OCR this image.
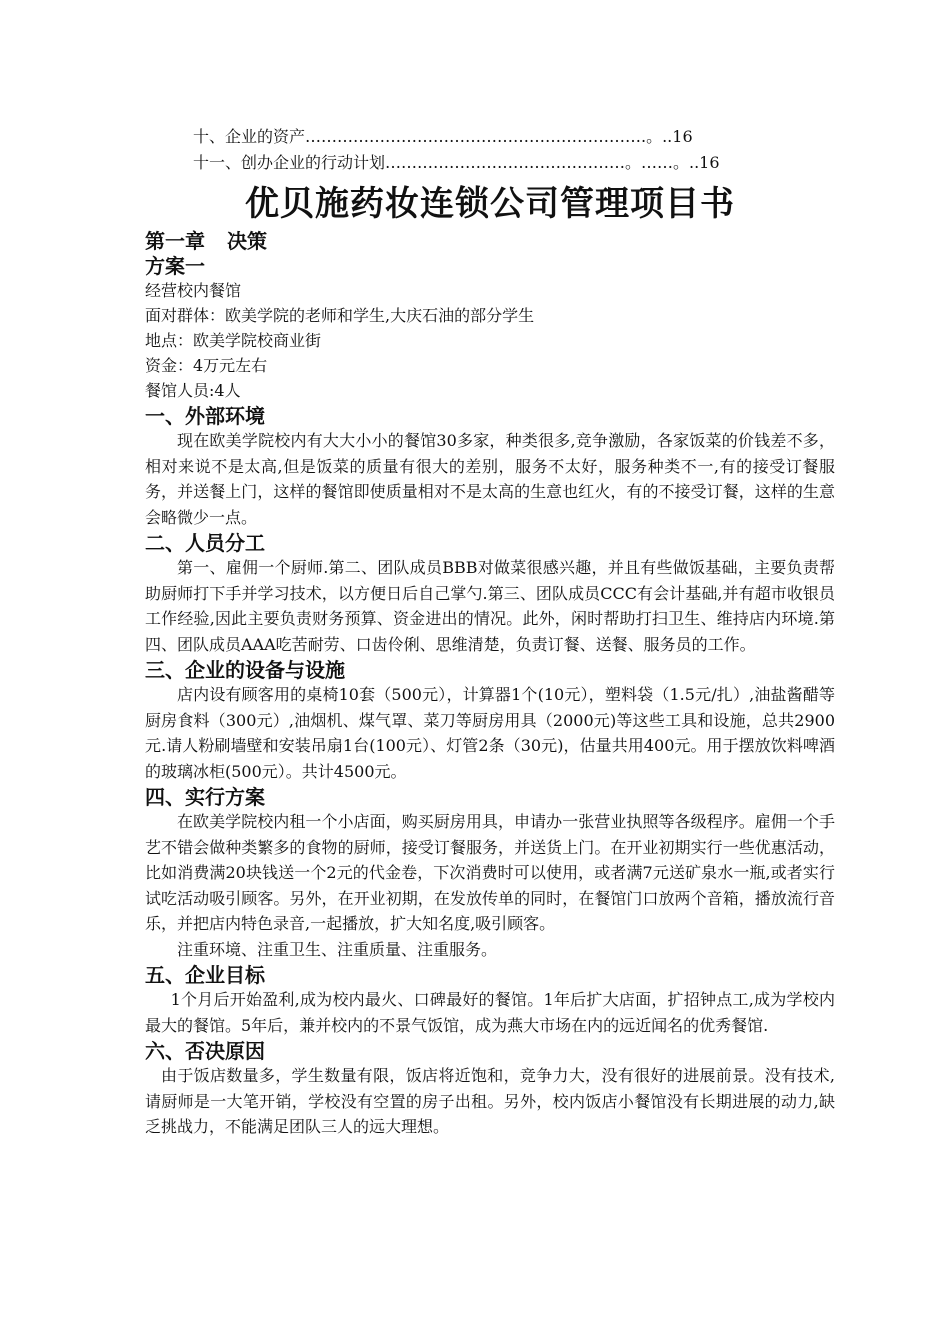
十、企业的资产……………………………………………………….。..16
十一、创办企业的行动计划………………………………………。……。..16
优贝施药妆连锁公司管理项目书
第一章 决策
方案一
经营校内餐馆
面对群体：欧美学院的老师和学生,大庆石油的部分学生
地点：欧美学院校商业街
资金：4万元左右
餐馆人员:4人
一、外部环境

现在欧美学院校内有大大小小的餐馆30多家，种类很多,竞争激励，各家饭菜的价钱差不多，相对来说不是太高,但是饭菜的质量有很大的差别，服务不太好，服务种类不一,有的接受订餐服务，并送餐上门，这样的餐馆即使质量相对不是太高的生意也红火，有的不接受订餐，这样的生意会略微少一点。

二、人员分工

第一、雇佣一个厨师.第二、团队成员BBB对做菜很感兴趣，并且有些做饭基础，主要负责帮助厨师打下手并学习技术，以方便日后自己掌勺.第三、团队成员CCC有会计基础,并有超市收银员工作经验,因此主要负责财务预算、资金进出的情况。此外，闲时帮助打扫卫生、维持店内环境.第四、团队成员AAA吃苦耐劳、口齿伶俐、思维清楚，负责订餐、送餐、服务员的工作。

三、企业的设备与设施

店内设有顾客用的桌椅10套（500元），计算器1个(10元），塑料袋（1.5元/扎）,油盐酱醋等厨房食料（300元）,油烟机、煤气罩、菜刀等厨房用具（2000元)等这些工具和设施，总共2900元.请人粉刷墙壁和安装吊扇1台(100元）、灯管2条（30元)，估量共用400元。用于摆放饮料啤酒的玻璃冰柜(500元）。共计4500元。

四、实行方案

在欧美学院校内租一个小店面，购买厨房用具，申请办一张营业执照等各级程序。雇佣一个手艺不错会做种类繁多的食物的厨师，接受订餐服务，并送货上门。在开业初期实行一些优惠活动，比如消费满20块钱送一个2元的代金卷，下次消费时可以使用，或者满7元送矿泉水一瓶,或者实行试吃活动吸引顾客。另外，在开业初期，在发放传单的同时，在餐馆门口放两个音箱，播放流行音乐，并把店内特色录音,一起播放，扩大知名度,吸引顾客。

注重环境、注重卫生、注重质量、注重服务。

五、企业目标

1个月后开始盈利,成为校内最火、口碑最好的餐馆。1年后扩大店面，扩招钟点工,成为学校内最大的餐馆。5年后，兼并校内的不景气饭馆，成为燕大市场在内的远近闻名的优秀餐馆.

六、否决原因

由于饭店数量多，学生数量有限，饭店将近饱和，竞争力大，没有很好的进展前景。没有技术,请厨师是一大笔开销，学校没有空置的房子出租。另外，校内饭店小餐馆没有长期进展的动力,缺乏挑战力，不能满足团队三人的远大理想。
